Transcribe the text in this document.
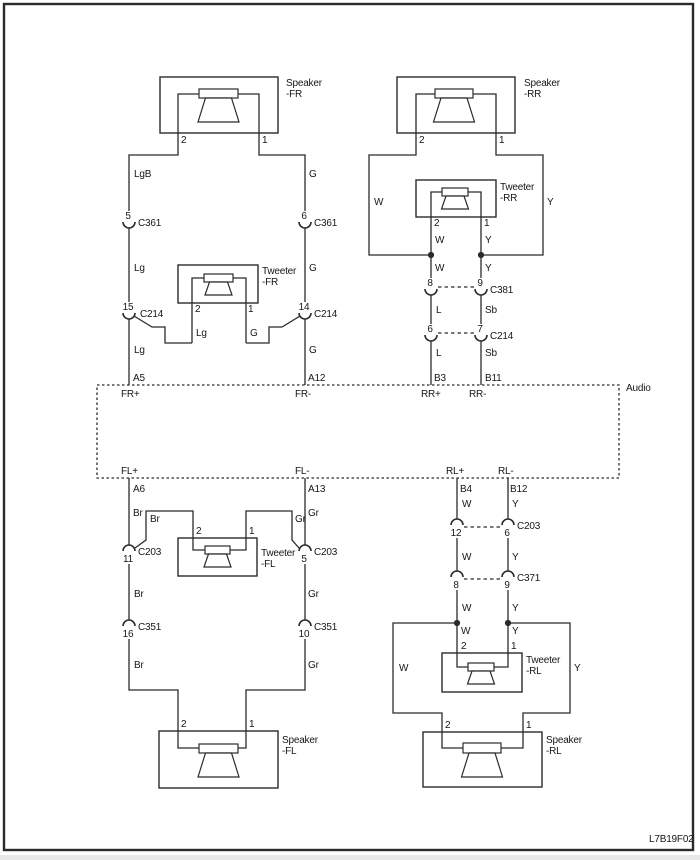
Speaker
-FR
Speaker
-RR
Tweeter
-FR
Tweeter
-RR
Tweeter
-FL
Speaker
-FL
Tweeter
-RL
Speaker
-RL
Audio
L7B19F02
2	1	2	1
2	1
2	1
2	1
2	1
2	1
2	1
LgB	G
Lg	G
Lg	G
Lg	G
W	Y
W	Y
W	Y
L	Sb
L	Sb
Br	Gr
Br	Gr
Br	Gr
Br	Gr
W	Y
W	Y
W	Y
W	Y
W	Y
A5	A12	B3	B11
FR+	FR-	RR+	RR-
FL+	FL-	RL+	RL-
A6	A13	B4	B12
5	6
15	14
8	9
6	7
11	5
16	10
12	6
8	9
C361	C361
C214	C214
C381
C214
C203	C203
C351	C351
C203
C371
